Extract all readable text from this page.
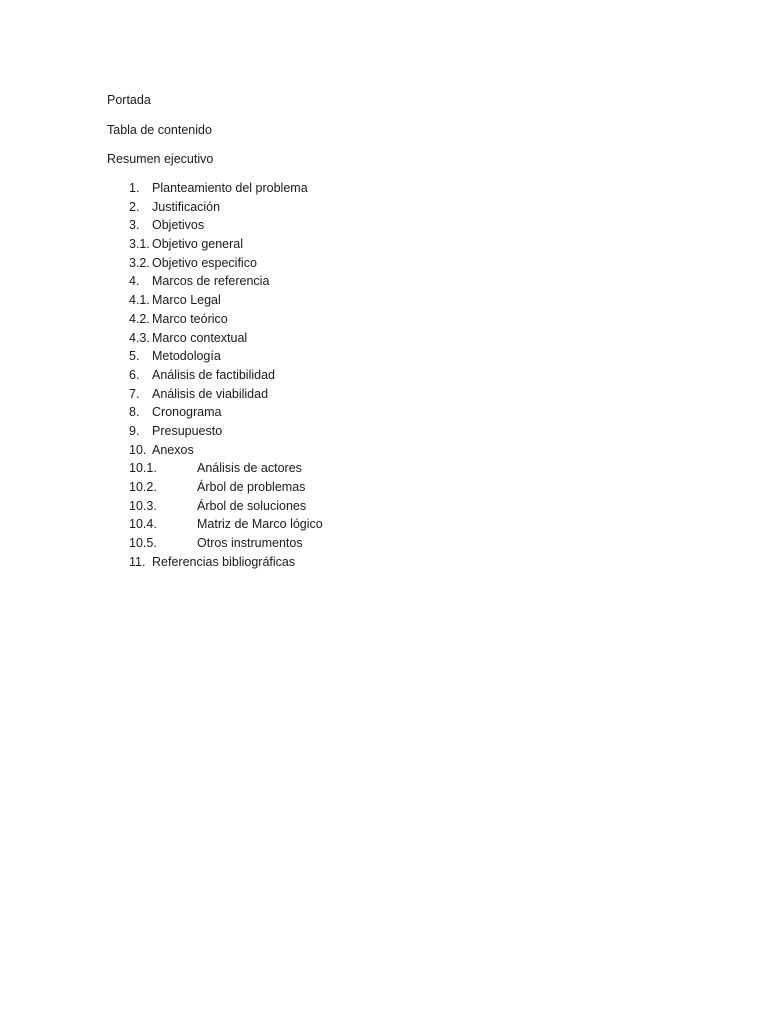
Portada
Tabla de contenido
Resumen ejecutivo
1. Planteamiento del problema
2. Justificación
3. Objetivos
3.1. Objetivo general
3.2. Objetivo especifico
4. Marcos de referencia
4.1. Marco Legal
4.2. Marco teórico
4.3. Marco contextual
5. Metodología
6. Análisis de factibilidad
7. Análisis de viabilidad
8. Cronograma
9. Presupuesto
10. Anexos
10.1.	Análisis de actores
10.2.	Árbol de problemas
10.3.	Árbol de soluciones
10.4.	Matriz de Marco lógico
10.5.	Otros instrumentos
11. Referencias bibliográficas
